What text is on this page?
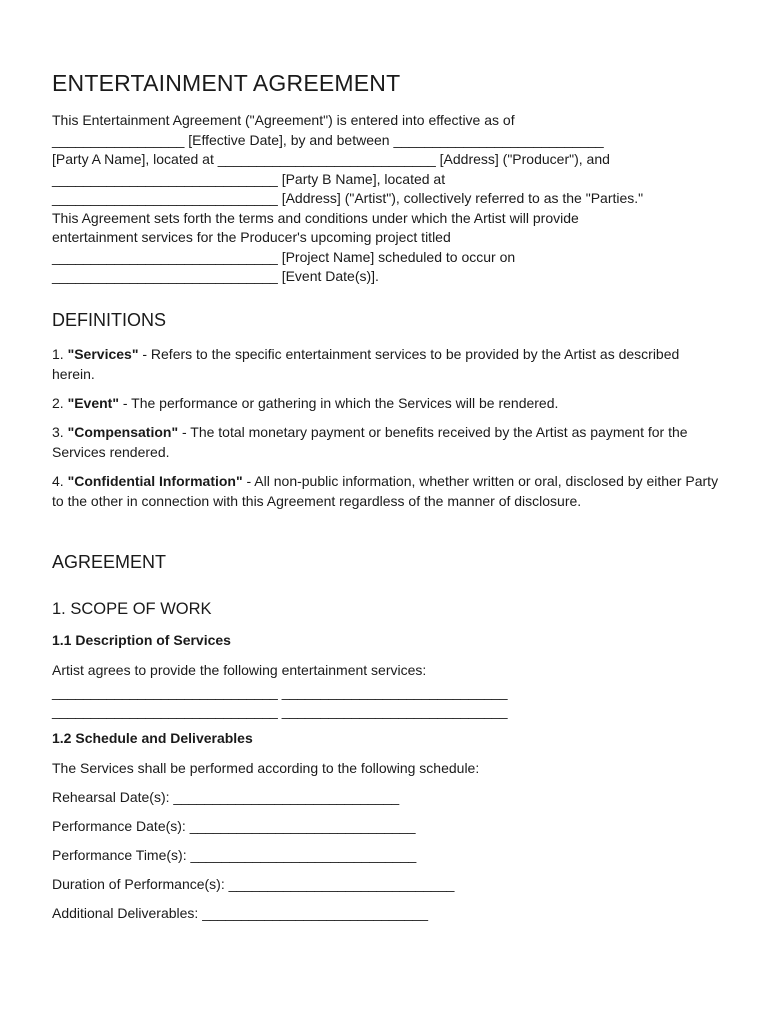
ENTERTAINMENT AGREEMENT
This Entertainment Agreement ("Agreement") is entered into effective as of
_________________ [Effective Date], by and between ___________________________
[Party A Name], located at ____________________________ [Address] ("Producer"), and
_____________________________ [Party B Name], located at
_____________________________ [Address] ("Artist"), collectively referred to as the "Parties."
This Agreement sets forth the terms and conditions under which the Artist will provide
entertainment services for the Producer's upcoming project titled
_____________________________ [Project Name] scheduled to occur on
_____________________________ [Event Date(s)].
DEFINITIONS

1. "Services" - Refers to the specific entertainment services to be provided by the Artist as described herein.

2. "Event" - The performance or gathering in which the Services will be rendered.

3. "Compensation" - The total monetary payment or benefits received by the Artist as payment for the Services rendered.

4. "Confidential Information" - All non-public information, whether written or oral, disclosed by either Party to the other in connection with this Agreement regardless of the manner of disclosure.

AGREEMENT
1. SCOPE OF WORK
1.1 Description of Services

Artist agrees to provide the following entertainment services:

_____________________________ _____________________________

_____________________________ _____________________________

1.2 Schedule and Deliverables

The Services shall be performed according to the following schedule:

Rehearsal Date(s): _____________________________

Performance Date(s): _____________________________

Performance Time(s): _____________________________

Duration of Performance(s): _____________________________

Additional Deliverables: _____________________________
